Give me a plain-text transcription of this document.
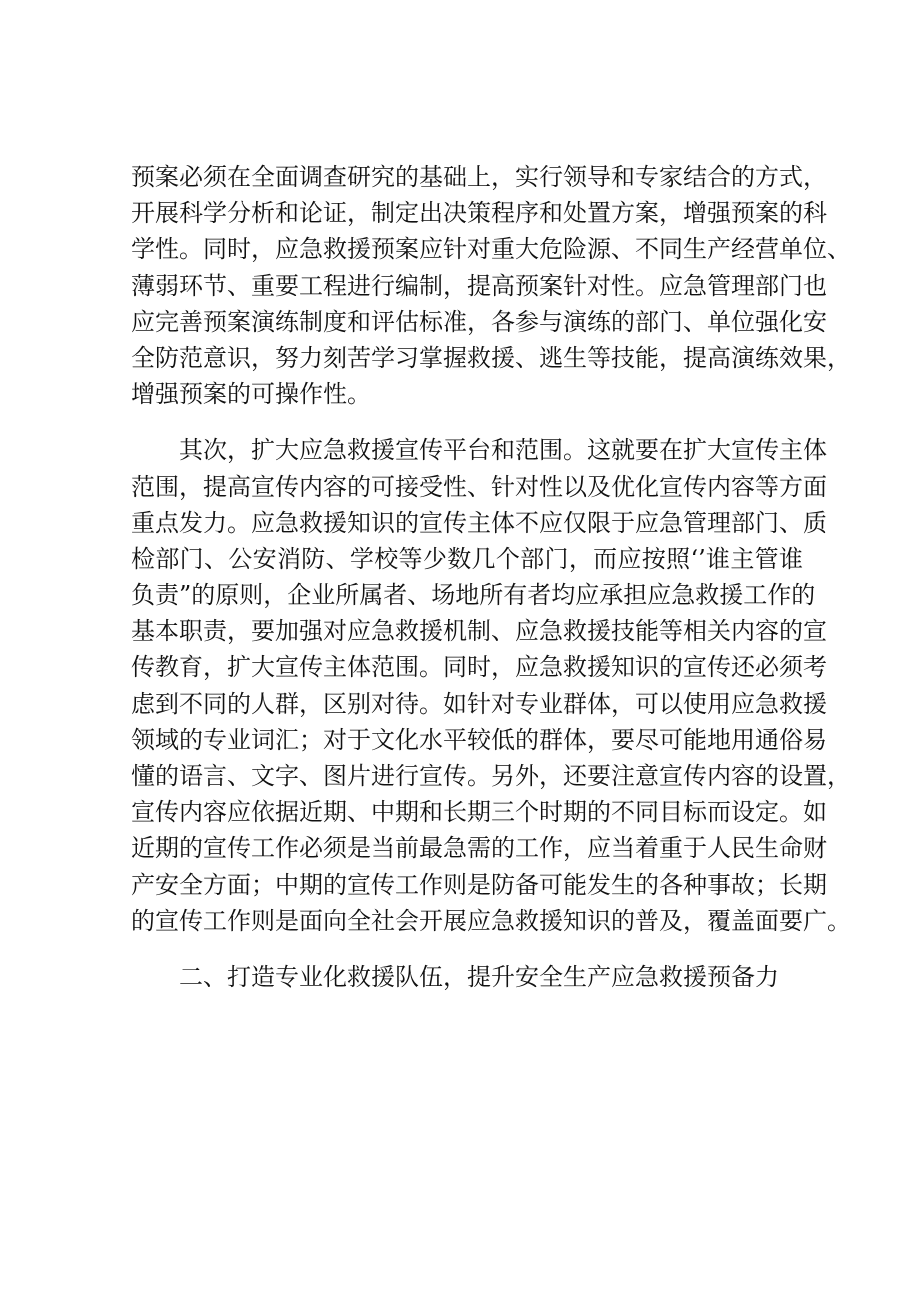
预案必须在全面调查研究的基础上，实行领导和专家结合的方式，
开展科学分析和论证，制定出决策程序和处置方案，增强预案的科
学性。同时，应急救援预案应针对重大危险源、不同生产经营单位、
薄弱环节、重要工程进行编制，提高预案针对性。应急管理部门也
应完善预案演练制度和评估标准，各参与演练的部门、单位强化安
全防范意识，努力刻苦学习掌握救援、逃生等技能，提高演练效果，
增强预案的可操作性。
其次，扩大应急救援宣传平台和范围。这就要在扩大宣传主体
范围，提高宣传内容的可接受性、针对性以及优化宣传内容等方面
重点发力。应急救援知识的宣传主体不应仅限于应急管理部门、质
检部门、公安消防、学校等少数几个部门，而应按照‘’谁主管谁
负责”的原则，企业所属者、场地所有者均应承担应急救援工作的
基本职责，要加强对应急救援机制、应急救援技能等相关内容的宣
传教育，扩大宣传主体范围。同时，应急救援知识的宣传还必须考
虑到不同的人群，区别对待。如针对专业群体，可以使用应急救援
领域的专业词汇；对于文化水平较低的群体，要尽可能地用通俗易
懂的语言、文字、图片进行宣传。另外，还要注意宣传内容的设置，
宣传内容应依据近期、中期和长期三个时期的不同目标而设定。如
近期的宣传工作必须是当前最急需的工作，应当着重于人民生命财
产安全方面；中期的宣传工作则是防备可能发生的各种事故；长期
的宣传工作则是面向全社会开展应急救援知识的普及，覆盖面要广。
二、打造专业化救援队伍，提升安全生产应急救援预备力
